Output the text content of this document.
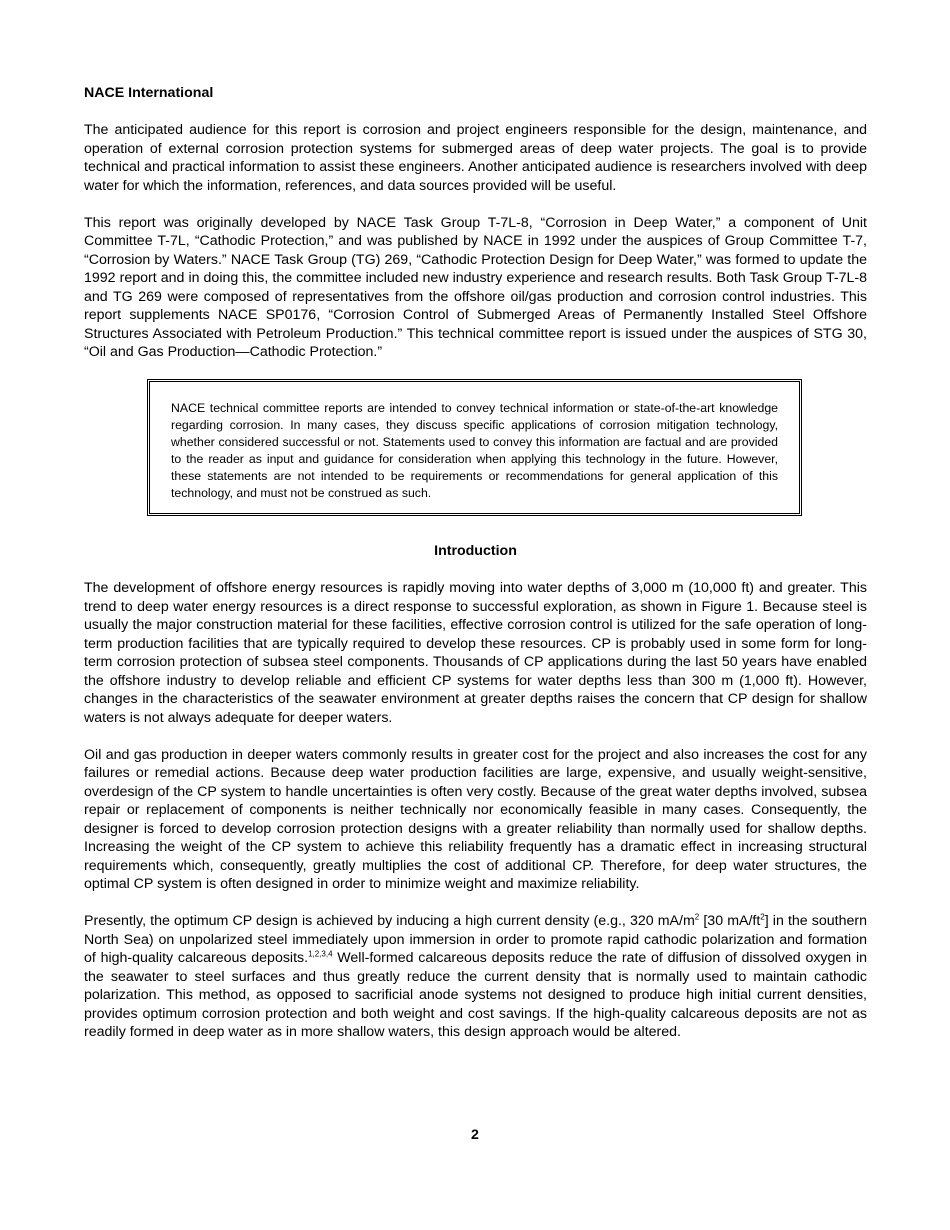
NACE International

The anticipated audience for this report is corrosion and project engineers responsible for the design, maintenance, and operation of external corrosion protection systems for submerged areas of deep water projects. The goal is to provide technical and practical information to assist these engineers. Another anticipated audience is researchers involved with deep water for which the information, references, and data sources provided will be useful.

This report was originally developed by NACE Task Group T-7L-8, “Corrosion in Deep Water,” a component of Unit Committee T-7L, “Cathodic Protection,” and was published by NACE in 1992 under the auspices of Group Committee T-7, “Corrosion by Waters.” NACE Task Group (TG) 269, “Cathodic Protection Design for Deep Water,” was formed to update the 1992 report and in doing this, the committee included new industry experience and research results. Both Task Group T-7L-8 and TG 269 were composed of representatives from the offshore oil/gas production and corrosion control industries. This report supplements NACE SP0176, “Corrosion Control of Submerged Areas of Permanently Installed Steel Offshore Structures Associated with Petroleum Production.” This technical committee report is issued under the auspices of STG 30, “Oil and Gas Production—Cathodic Protection.”

NACE technical committee reports are intended to convey technical information or state-of-the-art knowledge regarding corrosion. In many cases, they discuss specific applications of corrosion mitigation technology, whether considered successful or not. Statements used to convey this information are factual and are provided to the reader as input and guidance for consideration when applying this technology in the future. However, these statements are not intended to be requirements or recommendations for general application of this technology, and must not be construed as such.

Introduction

The development of offshore energy resources is rapidly moving into water depths of 3,000 m (10,000 ft) and greater. This trend to deep water energy resources is a direct response to successful exploration, as shown in Figure 1. Because steel is usually the major construction material for these facilities, effective corrosion control is utilized for the safe operation of long-term production facilities that are typically required to develop these resources. CP is probably used in some form for long-term corrosion protection of subsea steel components. Thousands of CP applications during the last 50 years have enabled the offshore industry to develop reliable and efficient CP systems for water depths less than 300 m (1,000 ft). However, changes in the characteristics of the seawater environment at greater depths raises the concern that CP design for shallow waters is not always adequate for deeper waters.

Oil and gas production in deeper waters commonly results in greater cost for the project and also increases the cost for any failures or remedial actions. Because deep water production facilities are large, expensive, and usually weight-sensitive, overdesign of the CP system to handle uncertainties is often very costly. Because of the great water depths involved, subsea repair or replacement of components is neither technically nor economically feasible in many cases. Consequently, the designer is forced to develop corrosion protection designs with a greater reliability than normally used for shallow depths. Increasing the weight of the CP system to achieve this reliability frequently has a dramatic effect in increasing structural requirements which, consequently, greatly multiplies the cost of additional CP. Therefore, for deep water structures, the optimal CP system is often designed in order to minimize weight and maximize reliability.

Presently, the optimum CP design is achieved by inducing a high current density (e.g., 320 $mA/m^2$ [30 $mA/ft^2$] in the southern North Sea) on unpolarized steel immediately upon immersion in order to promote rapid cathodic polarization and formation of high-quality calcareous deposits.$^{1,2,3,4}$ Well-formed calcareous deposits reduce the rate of diffusion of dissolved oxygen in the seawater to steel surfaces and thus greatly reduce the current density that is normally used to maintain cathodic polarization. This method, as opposed to sacrificial anode systems not designed to produce high initial current densities, provides optimum corrosion protection and both weight and cost savings. If the high-quality calcareous deposits are not as readily formed in deep water as in more shallow waters, this design approach would be altered.

2
